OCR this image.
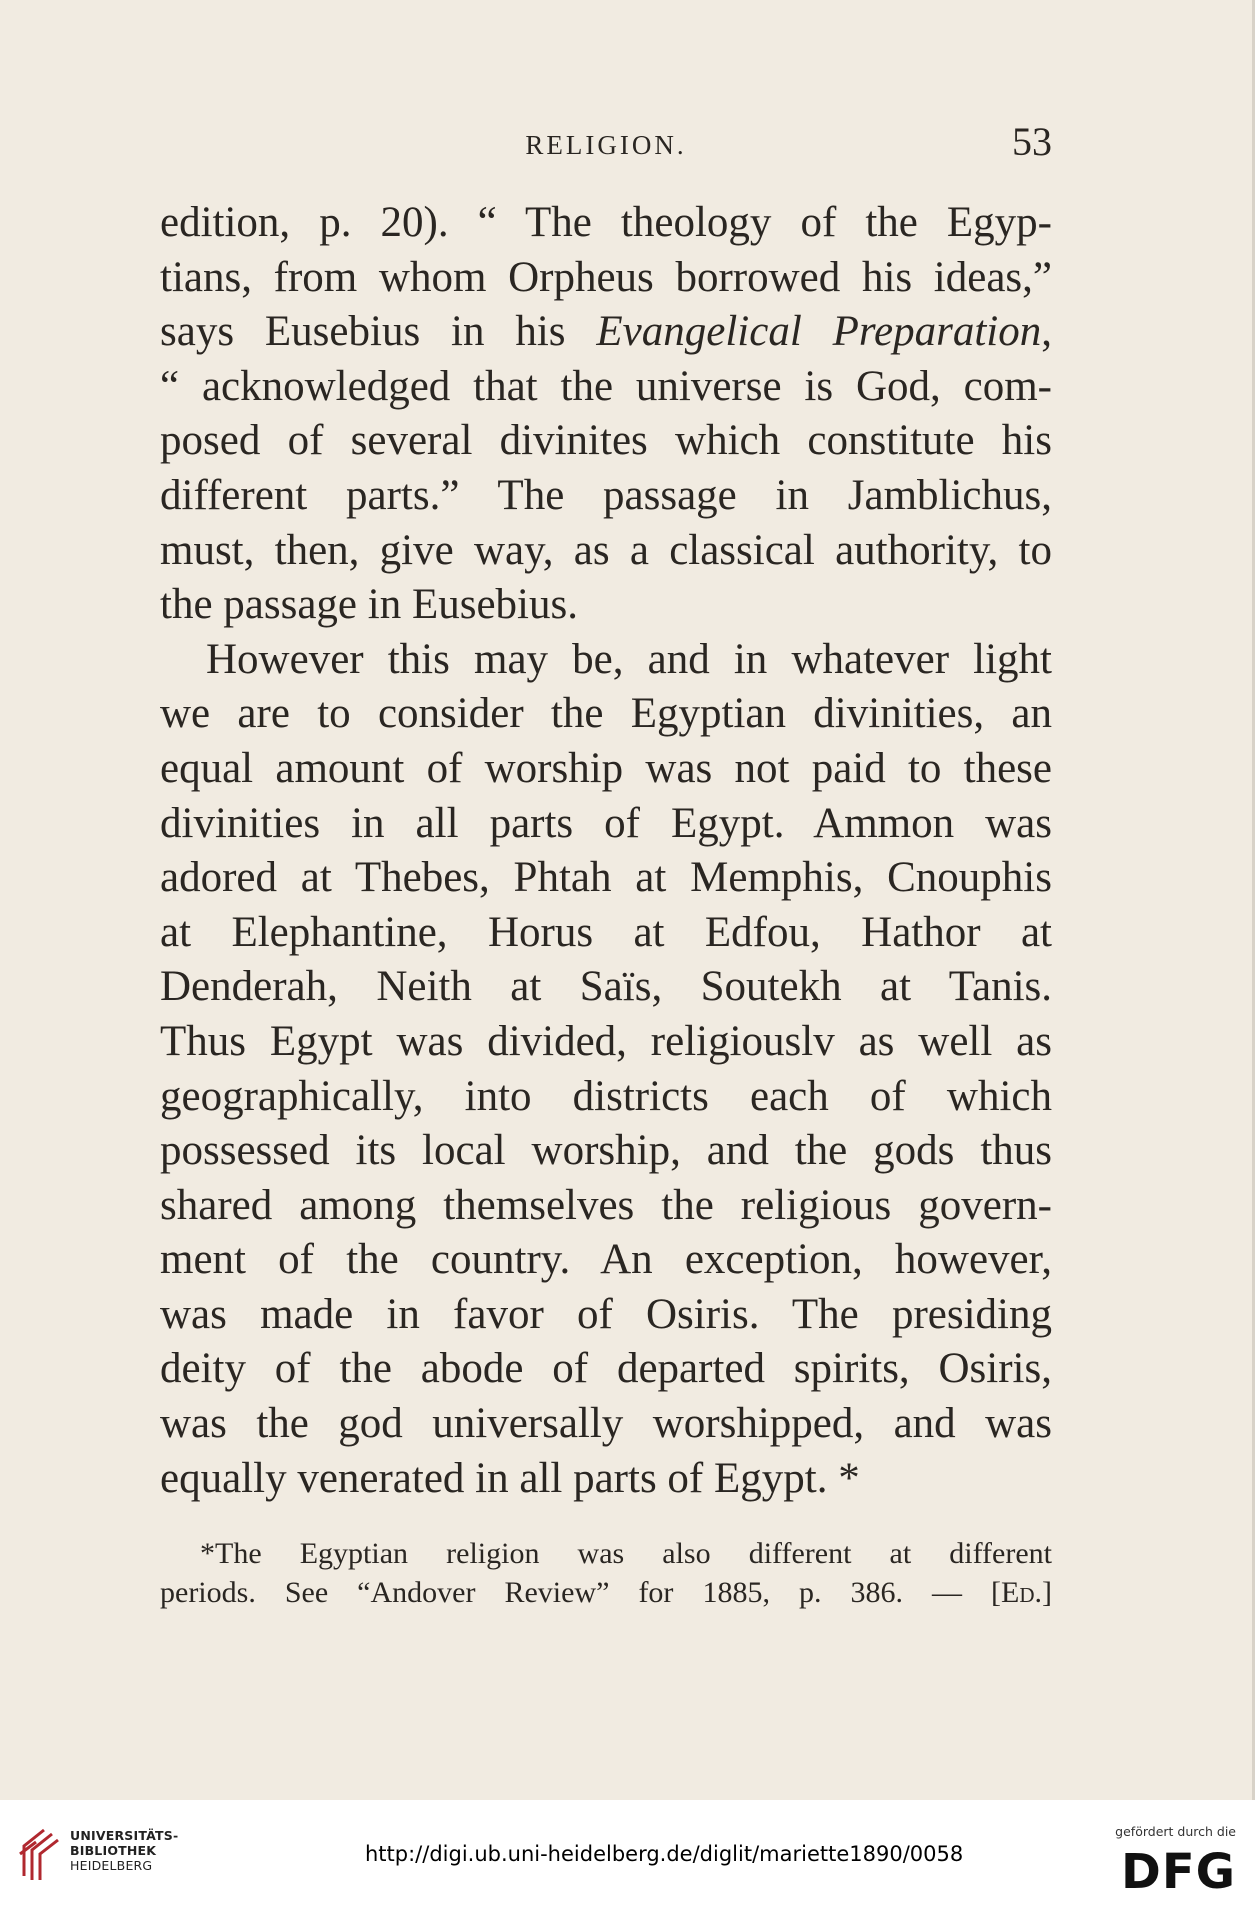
RELIGION.	53
edition, p. 20). “ The theology of the Egyp-
tians, from whom Orpheus borrowed his ideas,”
says Eusebius in his Evangelical Preparation,
“ acknowledged that the universe is God, com-
posed of several divinites which constitute his
different parts.” The passage in Jamblichus,
must, then, give way, as a classical authority, to
the passage in Eusebius.
However this may be, and in whatever light
we are to consider the Egyptian divinities, an
equal amount of worship was not paid to these
divinities in all parts of Egypt. Ammon was
adored at Thebes, Phtah at Memphis, Cnouphis
at Elephantine, Horus at Edfou, Hathor at
Denderah, Neith at Saïs, Soutekh at Tanis.
Thus Egypt was divided, religiouslv as well as
geographically, into districts each of which
possessed its local worship, and the gods thus
shared among themselves the religious govern-
ment of the country. An exception, however,
was made in favor of Osiris. The presiding
deity of the abode of departed spirits, Osiris,
was the god universally worshipped, and was
equally venerated in all parts of Egypt. *
*The Egyptian religion was also different at different
periods. See “Andover Review” for 1885, p. 386. — [Ed.]
UNIVERSITÄTS-
BIBLIOTHEK
HEIDELBERG	http://digi.ub.uni-heidelberg.de/diglit/mariette1890/0058
gefördert durch die
DFG
